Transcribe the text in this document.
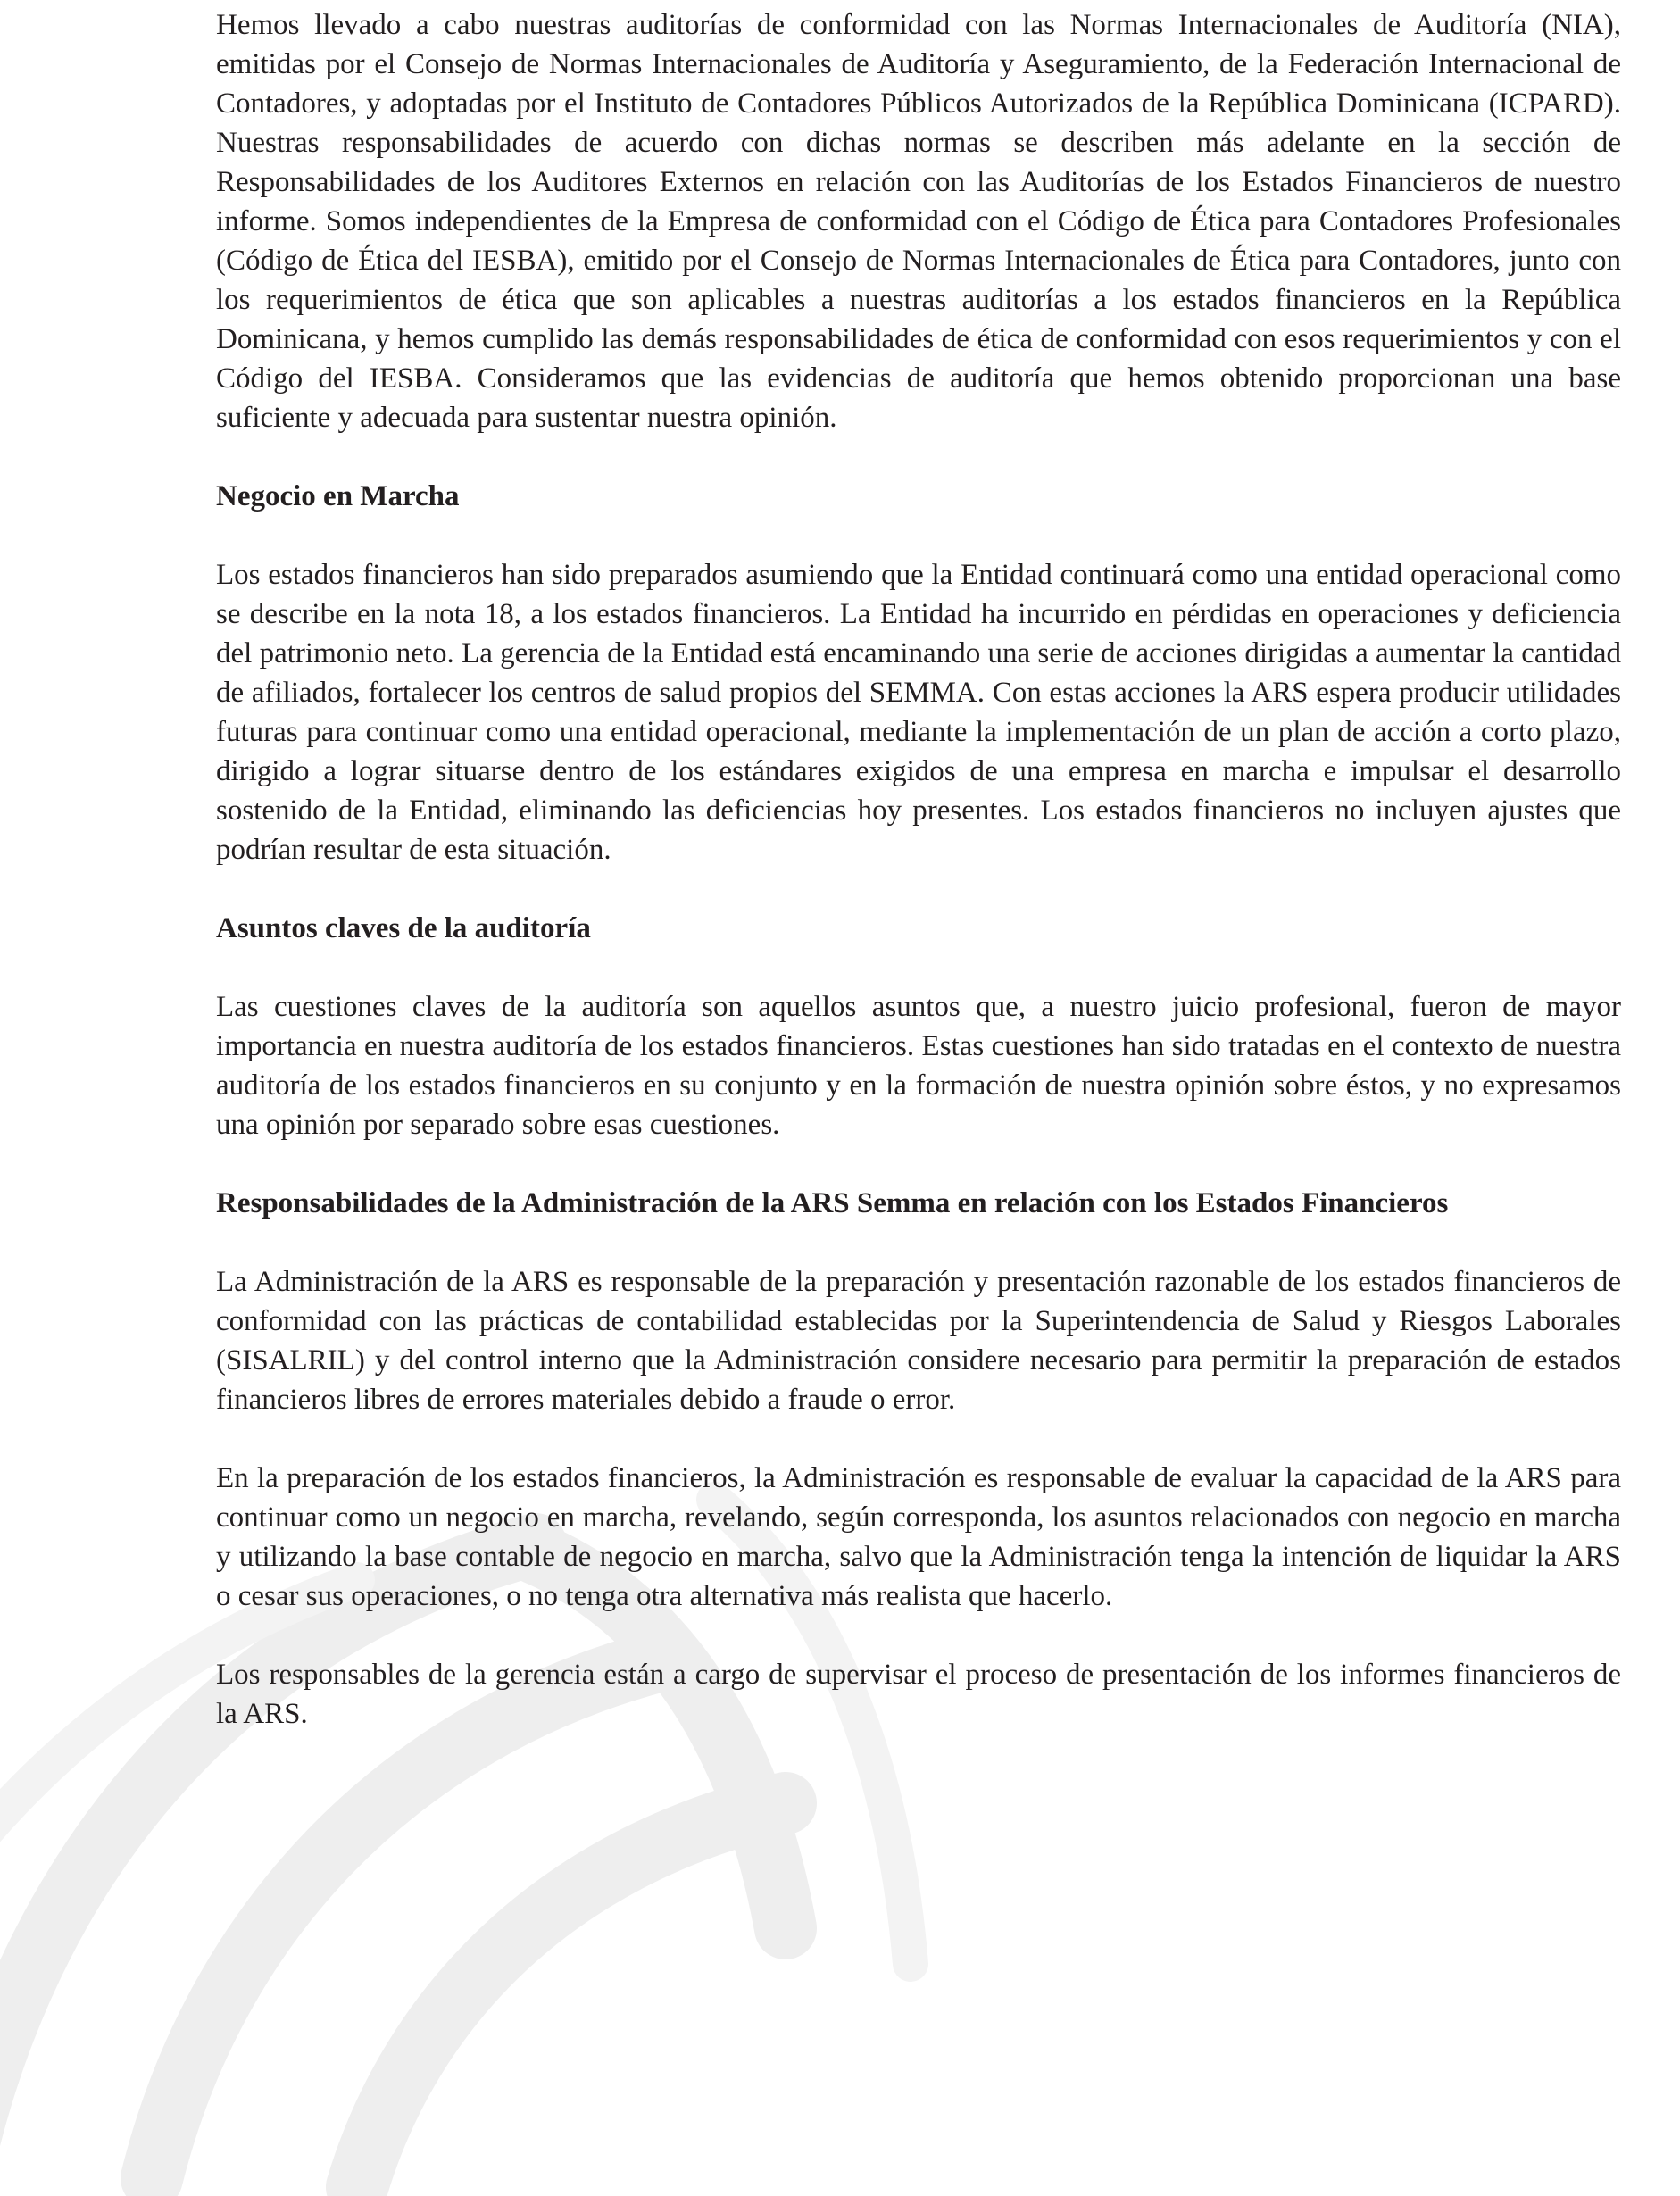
Hemos llevado a cabo nuestras auditorías de conformidad con las Normas Internacionales de Auditoría (NIA), emitidas por el Consejo de Normas Internacionales de Auditoría y Aseguramiento, de la Federación Internacional de Contadores, y adoptadas por el Instituto de Contadores Públicos Autorizados de la República Dominicana (ICPARD). Nuestras responsabilidades de acuerdo con dichas normas se describen más adelante en la sección de Responsabilidades de los Auditores Externos en relación con las Auditorías de los Estados Financieros de nuestro informe. Somos independientes de la Empresa de conformidad con el Código de Ética para Contadores Profesionales (Código de Ética del IESBA), emitido por el Consejo de Normas Internacionales de Ética para Contadores, junto con los requerimientos de ética que son aplicables a nuestras auditorías a los estados financieros en la República Dominicana, y hemos cumplido las demás responsabilidades de ética de conformidad con esos requerimientos y con el Código del IESBA. Consideramos que las evidencias de auditoría que hemos obtenido proporcionan una base suficiente y adecuada para sustentar nuestra opinión.

Negocio en Marcha

Los estados financieros han sido preparados asumiendo que la Entidad continuará como una entidad operacional como se describe en la nota 18, a los estados financieros. La Entidad ha incurrido en pérdidas en operaciones y deficiencia del patrimonio neto. La gerencia de la Entidad está encaminando una serie de acciones dirigidas a aumentar la cantidad de afiliados, fortalecer los centros de salud propios del SEMMA. Con estas acciones la ARS espera producir utilidades futuras para continuar como una entidad operacional, mediante la implementación de un plan de acción a corto plazo, dirigido a lograr situarse dentro de los estándares exigidos de una empresa en marcha e impulsar el desarrollo sostenido de la Entidad, eliminando las deficiencias hoy presentes. Los estados financieros no incluyen ajustes que podrían resultar de esta situación.

Asuntos claves de la auditoría

Las cuestiones claves de la auditoría son aquellos asuntos que, a nuestro juicio profesional, fueron de mayor importancia en nuestra auditoría de los estados financieros. Estas cuestiones han sido tratadas en el contexto de nuestra auditoría de los estados financieros en su conjunto y en la formación de nuestra opinión sobre éstos, y no expresamos una opinión por separado sobre esas cuestiones.

Responsabilidades de la Administración de la ARS Semma en relación con los Estados Financieros

La Administración de la ARS es responsable de la preparación y presentación razonable de los estados financieros de conformidad con las prácticas de contabilidad establecidas por la Superintendencia de Salud y Riesgos Laborales (SISALRIL) y del control interno que la Administración considere necesario para permitir la preparación de estados financieros libres de errores materiales debido a fraude o error.

En la preparación de los estados financieros, la Administración es responsable de evaluar la capacidad de la ARS para continuar como un negocio en marcha, revelando, según corresponda, los asuntos relacionados con negocio en marcha y utilizando la base contable de negocio en marcha, salvo que la Administración tenga la intención de liquidar la ARS o cesar sus operaciones, o no tenga otra alternativa más realista que hacerlo.

Los responsables de la gerencia están a cargo de supervisar el proceso de presentación de los informes financieros de la ARS.
